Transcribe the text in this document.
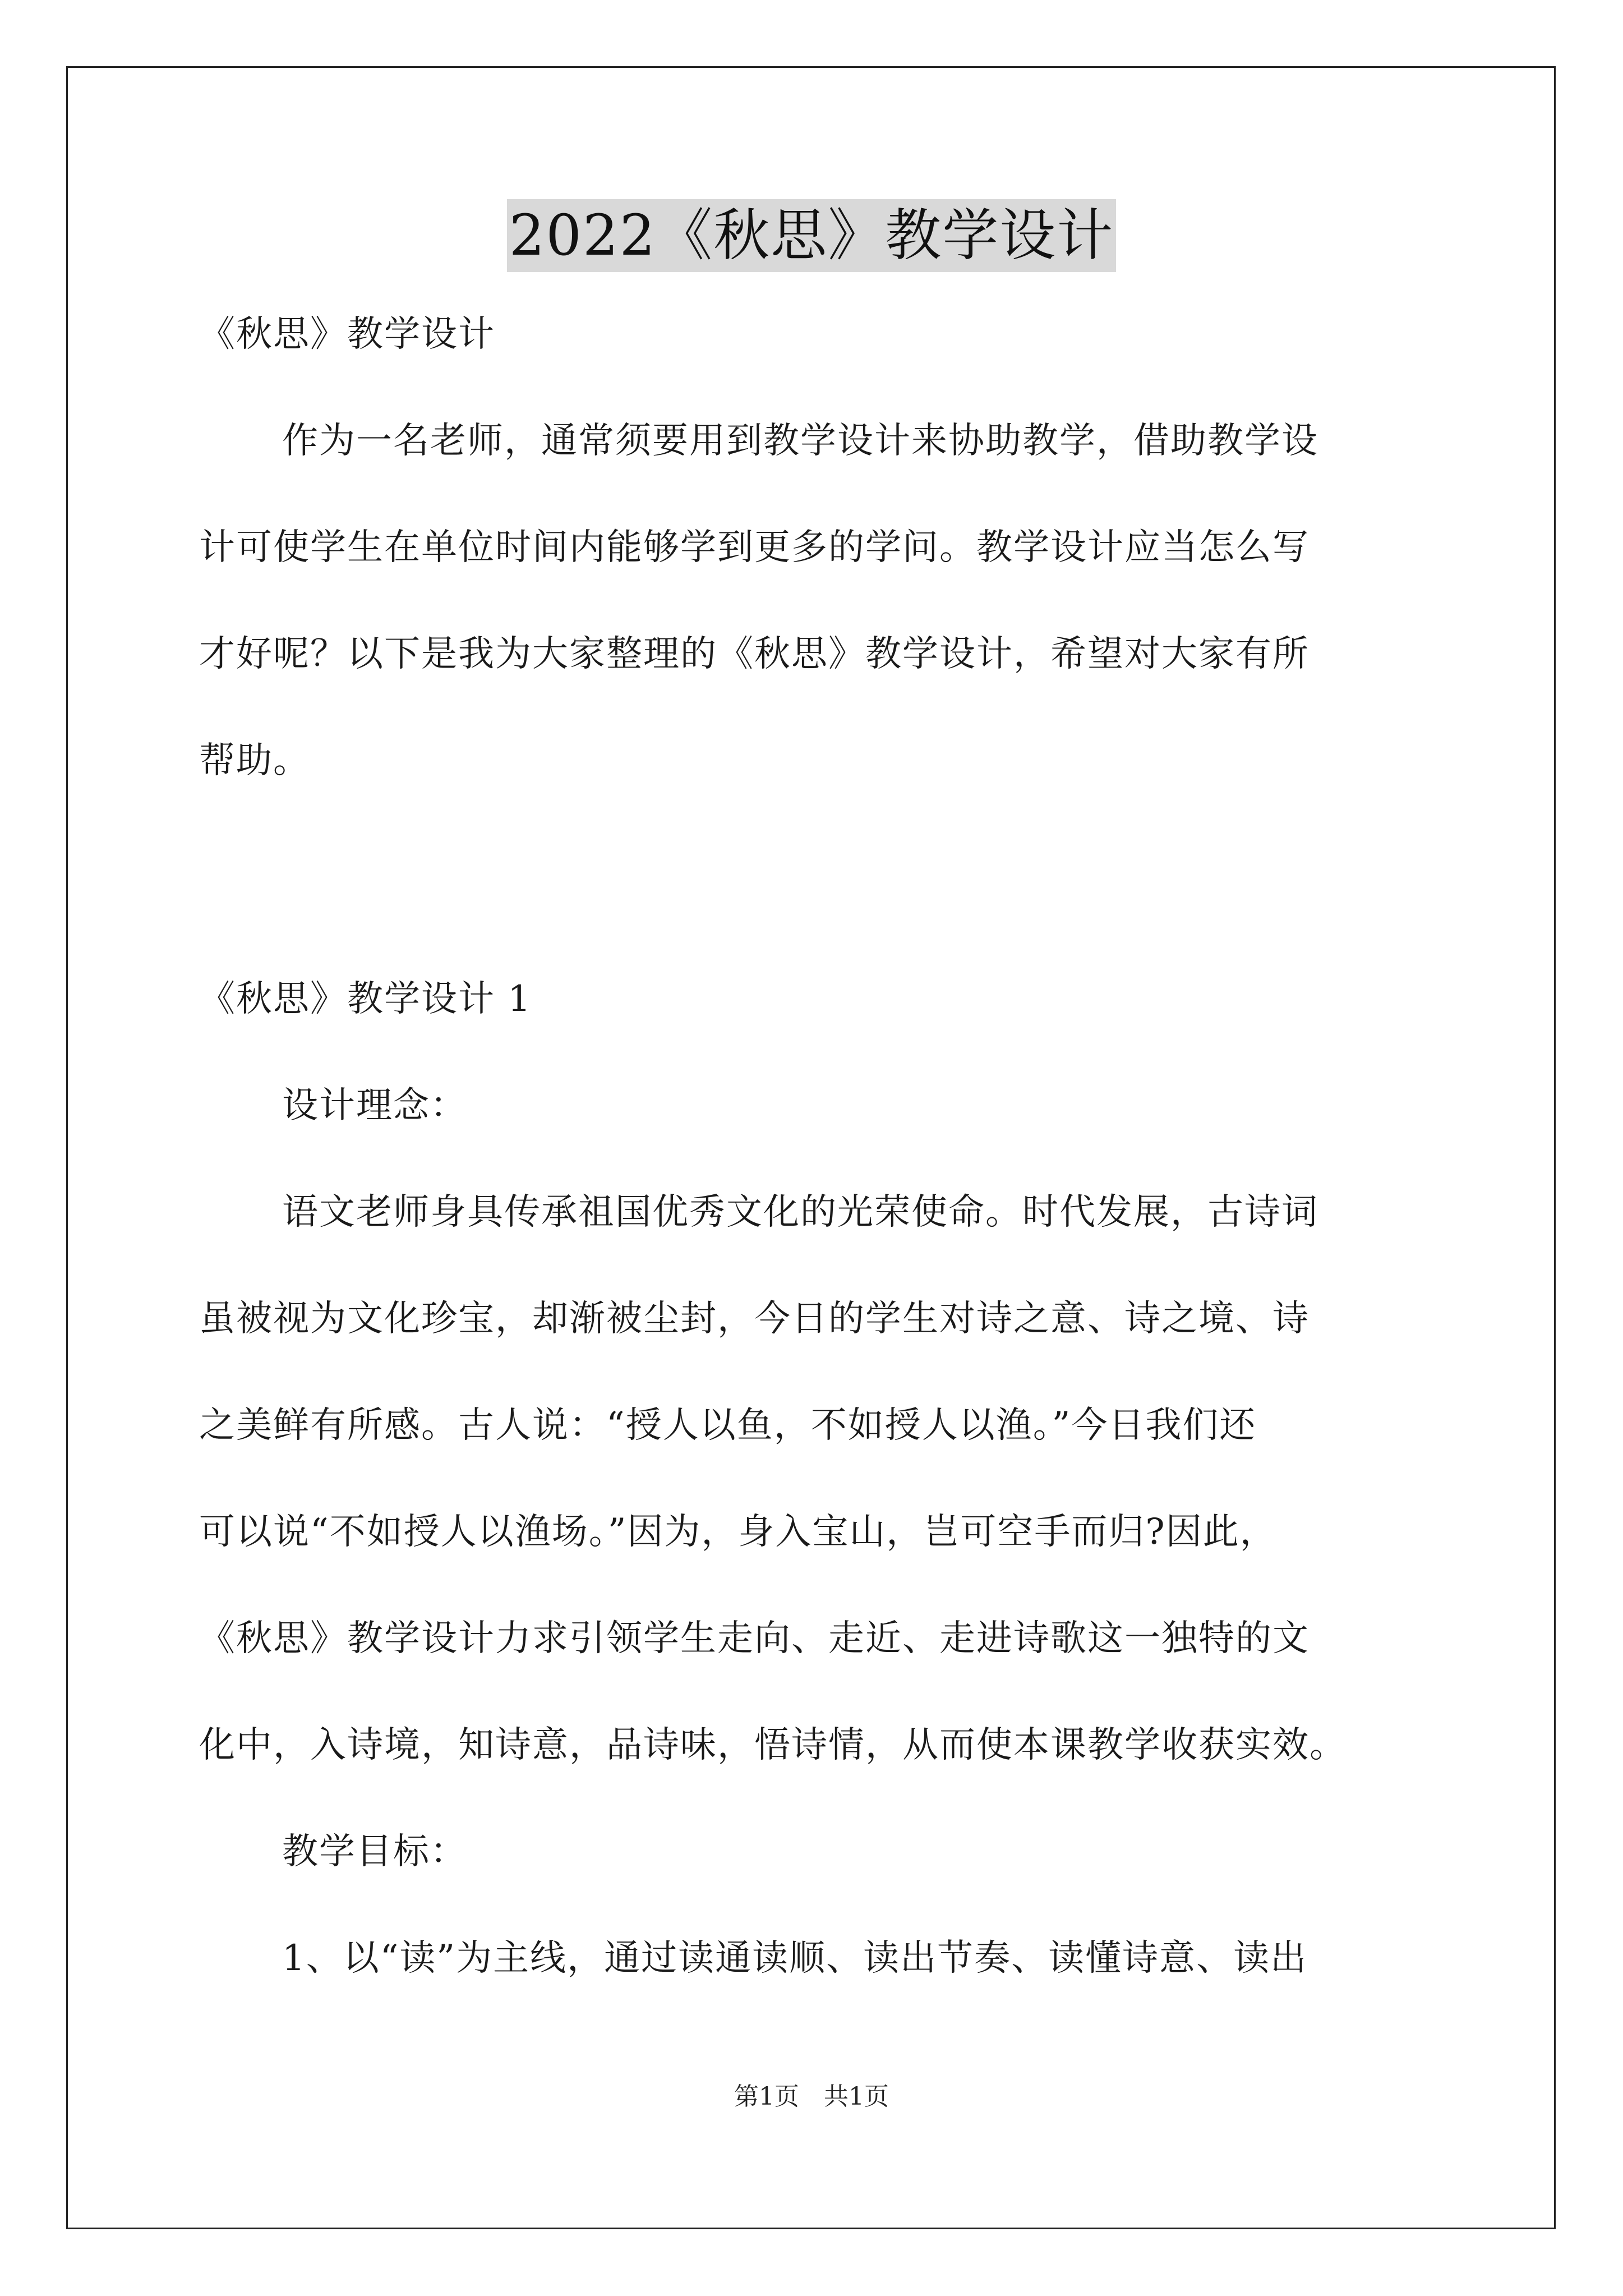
2022《秋思》教学设计
《秋思》教学设计
作为一名老师，通常须要用到教学设计来协助教学，借助教学设
计可使学生在单位时间内能够学到更多的学问。教学设计应当怎么写
才好呢？以下是我为大家整理的《秋思》教学设计，希望对大家有所
帮助。
《秋思》教学设计 1
设计理念：
语文老师身具传承祖国优秀文化的光荣使命。时代发展，古诗词
虽被视为文化珍宝，却渐被尘封，今日的学生对诗之意、诗之境、诗
之美鲜有所感。古人说：“授人以鱼，不如授人以渔。”今日我们还
可以说“不如授人以渔场。”因为，身入宝山，岂可空手而归?因此，
《秋思》教学设计力求引领学生走向、走近、走进诗歌这一独特的文
化中，入诗境，知诗意，品诗味，悟诗情，从而使本课教学收获实效。
教学目标：
1、以“读”为主线，通过读通读顺、读出节奏、读懂诗意、读出
第1页　共1页
